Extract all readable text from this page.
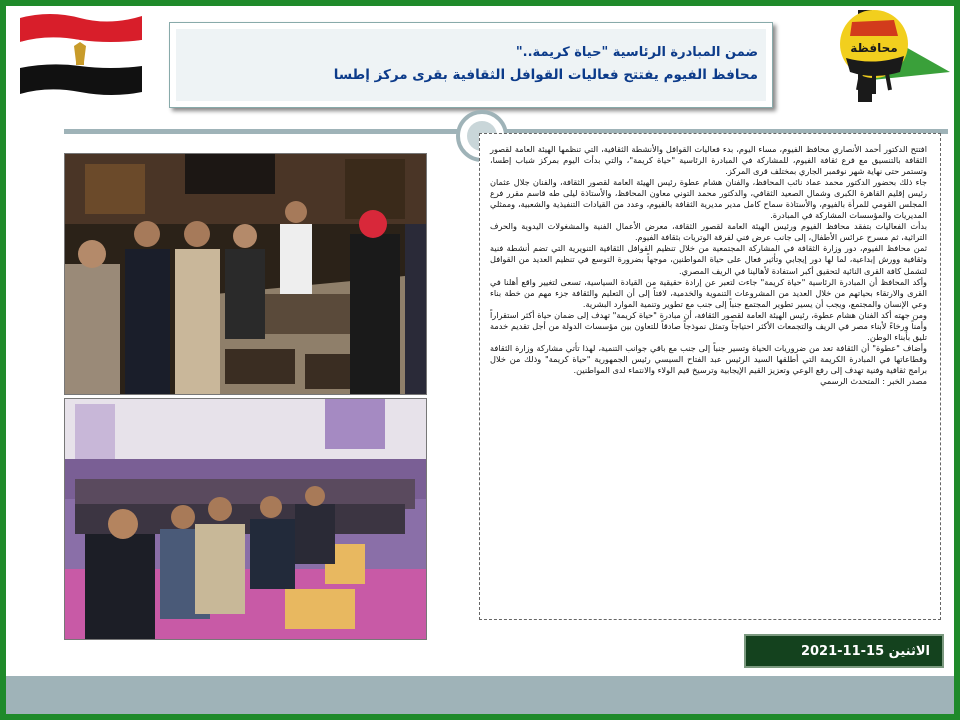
محافظة
ضمن المبادرة الرئاسية "حياة كريمة.."
محافظ الفيوم يفتتح فعاليات القوافل الثقافية بقرى مركز إطسا

افتتح الدكتور أحمد الأنصاري محافظ الفيوم، مساء اليوم، بدء فعاليات القوافل والأنشطة الثقافية، التي تنظمها الهيئة العامة لقصور الثقافة بالتنسيق مع فرع ثقافة الفيوم، للمشاركة في المبادرة الرئاسية "حياة كريمة"، والتي بدأت اليوم بمركز شباب إطسا، وتستمر حتى نهاية شهر نوفمبر الجاري بمختلف قرى المركز.

جاء ذلك بحضور الدكتور محمد عماد نائب المحافظ، والفنان هشام عطوة رئيس الهيئة العامة لقصور الثقافة، والفنان جلال عثمان رئيس إقليم القاهرة الكبرى وشمال الصعيد الثقافي، والدكتور محمد التوني معاون المحافظ، والأستاذة ليلى طه قاسم مقرر فرع المجلس القومي للمرأة بالفيوم، والأستاذة سماح كامل مدير مديرية الثقافة بالفيوم، وعدد من القيادات التنفيذية والشعبية، وممثلي المديريات والمؤسسات المشاركة في المبادرة.

بدأت الفعاليات بتفقد محافظ الفيوم ورئيس الهيئة العامة لقصور الثقافة، معرض الأعمال الفنية والمشغولات اليدوية والحرف التراثية، ثم مسرح عرائس الأطفال، إلى جانب عرض فني لفرقة الوتريات بثقافة الفيوم.

ثمن محافظ الفيوم، دور وزارة الثقافة في المشاركة المجتمعية من خلال تنظيم القوافل الثقافية التنويرية التي تضم أنشطة فنية وثقافية وورش إبداعية، لما لها دور إيجابي وتأثير فعال على حياة المواطنين، موجهاً بضرورة التوسع في تنظيم العديد من القوافل لتشمل كافة القرى النائية لتحقيق أكبر استفادة لأهالينا في الريف المصري.

وأكد المحافظ أن المبادرة الرئاسية "حياة كريمة" جاءت لتعبر عن إرادة حقيقية من القيادة السياسية، تسعى لتغيير واقع أهلنا في القرى والارتقاء بحياتهم من خلال العديد من المشروعات التنموية والخدمية، لافتاً إلى أن التعليم والثقافة جزء مهم من خطة بناء وعي الإنسان والمجتمع، ويجب أن يسير تطوير المجتمع جنباً إلى جنب مع تطوير وتنمية الموارد البشرية.

ومن جهته أكد الفنان هشام عطوة، رئيس الهيئة العامة لقصور الثقافة، أن مبادرة "حياة كريمة" تهدف إلى ضمان حياة أكثر استقراراً وأمناً ورخاءً لأبناء مصر في الريف والتجمعات الأكثر احتياجاً وتمثل نموذجاً صادقاً للتعاون بين مؤسسات الدولة من أجل تقديم خدمة تليق بأبناء الوطن.

وأضاف "عطوة" أن الثقافة تعد من ضروريات الحياة وتسير جنباً إلى جنب مع باقي جوانب التنمية، لهذا تأتي مشاركة وزارة الثقافة وقطاعاتها في المبادرة الكريمة التي أطلقها السيد الرئيس عبد الفتاح السيسي رئيس الجمهورية "حياة كريمة" وذلك من خلال برامج ثقافية وفنية تهدف إلى رفع الوعي وتعزيز القيم الإيجابية وترسيخ قيم الولاء والانتماء لدى المواطنين.

مصدر الخبر : المتحدث الرسمي

الاثنين 15-11-2021
